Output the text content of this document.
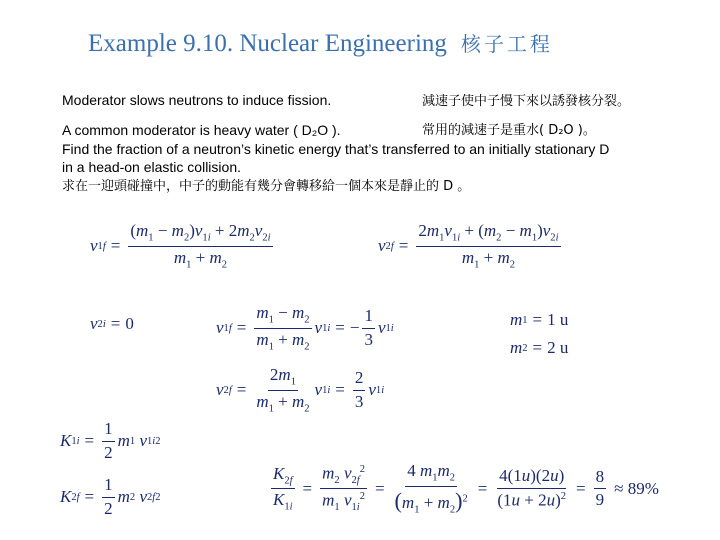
Example 9.10. Nuclear Engineering 核子工程
Moderator slows neutrons to induce fission.	減速子使中子慢下來以誘發核分裂。
A common moderator is heavy water ( D₂O ).	常用的減速子是重水( D₂O )。
Find the fraction of a neutron’s kinetic energy that’s transferred to an initially stationary D
in a head-on elastic collision.
求在一迎頭碰撞中，中子的動能有幾分會轉移給一個本來是靜止的 D 。
v $1f = \frac{(m_1 - m_2)v_{1i} + 2m_2v_{2i}}{m_1 + m_2}$	v $2f = \frac{2m_1v_{1i} + (m_2 - m_1)v_{2i}}{m_1 + m_2}$
v 2i = 0	v $1f = \frac{m_1 - m_2}{m_1 + m_2}$ v 1i = − $\frac{1}{3}$ v 1i	m 1 = 1 u
m 2 = 2 u
v $2f = \frac{2m_1}{m_1 + m_2}$ v $1i = \frac{2}{3}$ v 1i
K $1i = \frac{1}{2}$ m 1
v 1i 2
K $2f = \frac{1}{2}$ m 2
v 2f 2	$\frac{K_{2f}}{K_{1i}} = \frac{m_2 v_{2f}^2}{m_1 v_{1i}^2} = \frac{4 m_1m_2}{(m_1 + m_2)^2} = \frac{4(1u)(2u)}{(1u + 2u)^2} = \frac{8}{9} \approx 89\%$
